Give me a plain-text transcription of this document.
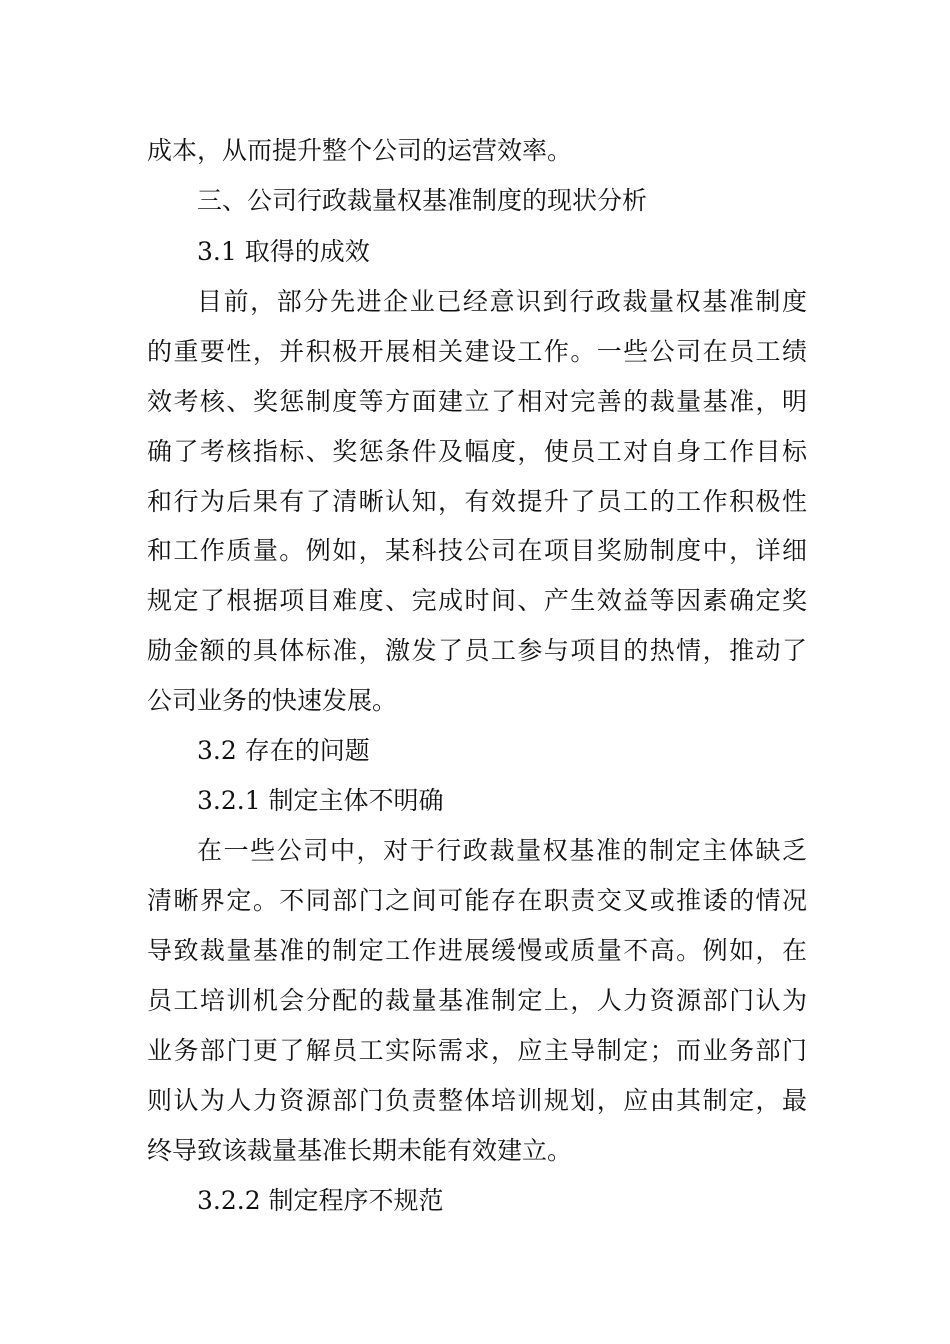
成本，从而提升整个公司的运营效率。
三、公司行政裁量权基准制度的现状分析
3.1 取得的成效
目前，部分先进企业已经意识到行政裁量权基准制度
的重要性，并积极开展相关建设工作。一些公司在员工绩
效考核、奖惩制度等方面建立了相对完善的裁量基准，明
确了考核指标、奖惩条件及幅度，使员工对自身工作目标
和行为后果有了清晰认知，有效提升了员工的工作积极性
和工作质量。例如，某科技公司在项目奖励制度中，详细
规定了根据项目难度、完成时间、产生效益等因素确定奖
励金额的具体标准，激发了员工参与项目的热情，推动了
公司业务的快速发展。
3.2 存在的问题
3.2.1 制定主体不明确
在一些公司中，对于行政裁量权基准的制定主体缺乏
清晰界定。不同部门之间可能存在职责交叉或推诿的情况
导致裁量基准的制定工作进展缓慢或质量不高。例如，在
员工培训机会分配的裁量基准制定上，人力资源部门认为
业务部门更了解员工实际需求，应主导制定；而业务部门
则认为人力资源部门负责整体培训规划，应由其制定，最
终导致该裁量基准长期未能有效建立。
3.2.2 制定程序不规范
